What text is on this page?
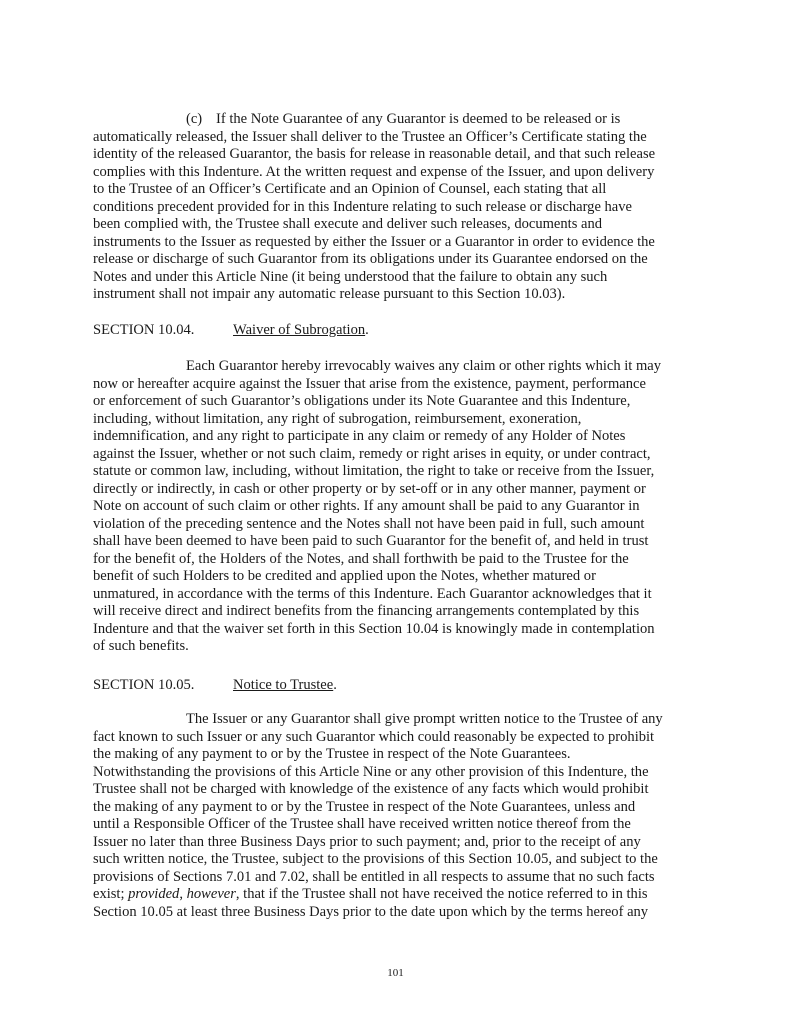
(c) If the Note Guarantee of any Guarantor is deemed to be released or is
automatically released, the Issuer shall deliver to the Trustee an Officer’s Certificate stating the
identity of the released Guarantor, the basis for release in reasonable detail, and that such release
complies with this Indenture. At the written request and expense of the Issuer, and upon delivery
to the Trustee of an Officer’s Certificate and an Opinion of Counsel, each stating that all
conditions precedent provided for in this Indenture relating to such release or discharge have
been complied with, the Trustee shall execute and deliver such releases, documents and
instruments to the Issuer as requested by either the Issuer or a Guarantor in order to evidence the
release or discharge of such Guarantor from its obligations under its Guarantee endorsed on the
Notes and under this Article Nine (it being understood that the failure to obtain any such
instrument shall not impair any automatic release pursuant to this Section 10.03).
SECTION 10.04.	Waiver of Subrogation.
Each Guarantor hereby irrevocably waives any claim or other rights which it may
now or hereafter acquire against the Issuer that arise from the existence, payment, performance
or enforcement of such Guarantor’s obligations under its Note Guarantee and this Indenture,
including, without limitation, any right of subrogation, reimbursement, exoneration,
indemnification, and any right to participate in any claim or remedy of any Holder of Notes
against the Issuer, whether or not such claim, remedy or right arises in equity, or under contract,
statute or common law, including, without limitation, the right to take or receive from the Issuer,
directly or indirectly, in cash or other property or by set-off or in any other manner, payment or
Note on account of such claim or other rights. If any amount shall be paid to any Guarantor in
violation of the preceding sentence and the Notes shall not have been paid in full, such amount
shall have been deemed to have been paid to such Guarantor for the benefit of, and held in trust
for the benefit of, the Holders of the Notes, and shall forthwith be paid to the Trustee for the
benefit of such Holders to be credited and applied upon the Notes, whether matured or
unmatured, in accordance with the terms of this Indenture. Each Guarantor acknowledges that it
will receive direct and indirect benefits from the financing arrangements contemplated by this
Indenture and that the waiver set forth in this Section 10.04 is knowingly made in contemplation
of such benefits.
SECTION 10.05.	Notice to Trustee.
The Issuer or any Guarantor shall give prompt written notice to the Trustee of any
fact known to such Issuer or any such Guarantor which could reasonably be expected to prohibit
the making of any payment to or by the Trustee in respect of the Note Guarantees.
Notwithstanding the provisions of this Article Nine or any other provision of this Indenture, the
Trustee shall not be charged with knowledge of the existence of any facts which would prohibit
the making of any payment to or by the Trustee in respect of the Note Guarantees, unless and
until a Responsible Officer of the Trustee shall have received written notice thereof from the
Issuer no later than three Business Days prior to such payment; and, prior to the receipt of any
such written notice, the Trustee, subject to the provisions of this Section 10.05, and subject to the
provisions of Sections 7.01 and 7.02, shall be entitled in all respects to assume that no such facts
exist; provided, however, that if the Trustee shall not have received the notice referred to in this
Section 10.05 at least three Business Days prior to the date upon which by the terms hereof any
101
